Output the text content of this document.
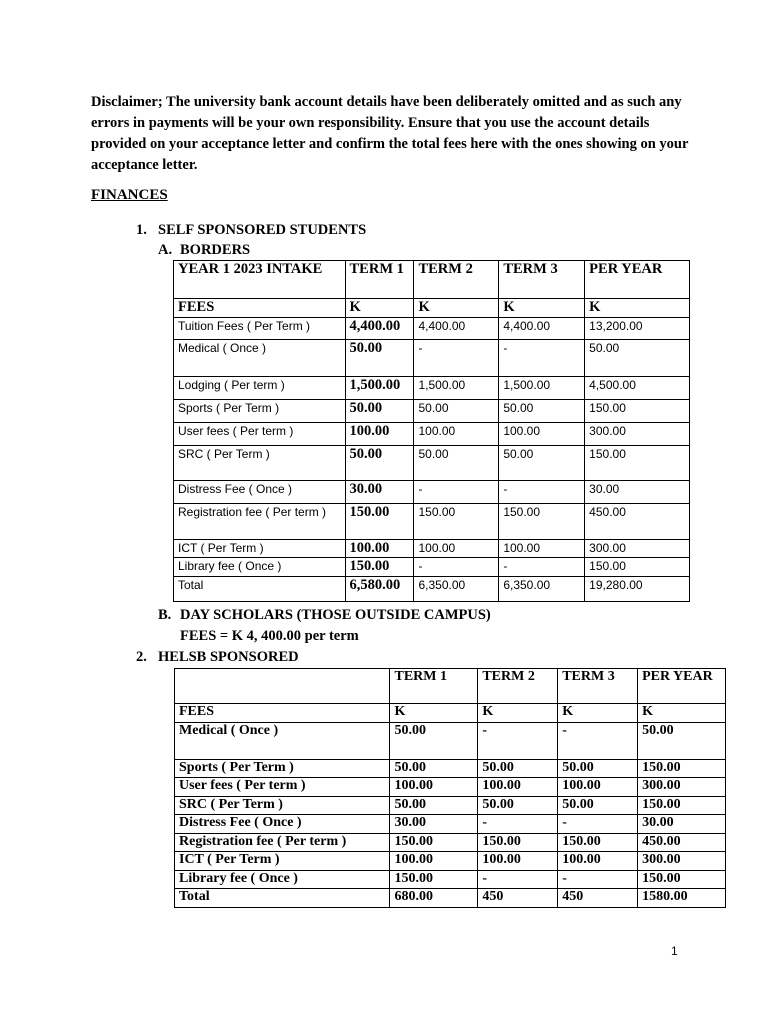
Disclaimer; The university bank account details have been deliberately omitted and as such any errors in payments will be your own responsibility. Ensure that you use the account details provided on your acceptance letter and confirm the total fees here with the ones showing on your acceptance letter.
FINANCES
1. SELF SPONSORED STUDENTS
A. BORDERS
YEAR 1 2023 INTAKE	TERM 1	TERM 2	TERM 3	PER YEAR
FEES	K	K	K	K
Tuition Fees ( Per Term )	4,400.00	4,400.00	4,400.00	13,200.00
Medical ( Once )	50.00	-	-	50.00
Lodging ( Per term )	1,500.00	1,500.00	1,500.00	4,500.00
Sports ( Per Term )	50.00	50.00	50.00	150.00
User fees ( Per term )	100.00	100.00	100.00	300.00
SRC ( Per Term )	50.00	50.00	50.00	150.00
Distress Fee ( Once )	30.00	-	-	30.00
Registration fee ( Per term )	150.00	150.00	150.00	450.00
ICT ( Per Term )	100.00	100.00	100.00	300.00
Library fee ( Once )	150.00	-	-	150.00
Total	6,580.00	6,350.00	6,350.00	19,280.00
B. DAY SCHOLARS (THOSE OUTSIDE CAMPUS)
FEES = K 4, 400.00 per term
2. HELSB SPONSORED
	TERM 1	TERM 2	TERM 3	PER YEAR
FEES	K	K	K	K
Medical ( Once )	50.00	-	-	50.00
Sports ( Per Term )	50.00	50.00	50.00	150.00
User fees ( Per term )	100.00	100.00	100.00	300.00
SRC ( Per Term )	50.00	50.00	50.00	150.00
Distress Fee ( Once )	30.00	-	-	30.00
Registration fee ( Per term )	150.00	150.00	150.00	450.00
ICT ( Per Term )	100.00	100.00	100.00	300.00
Library fee ( Once )	150.00	-	-	150.00
Total	680.00	450	450	1580.00
1
